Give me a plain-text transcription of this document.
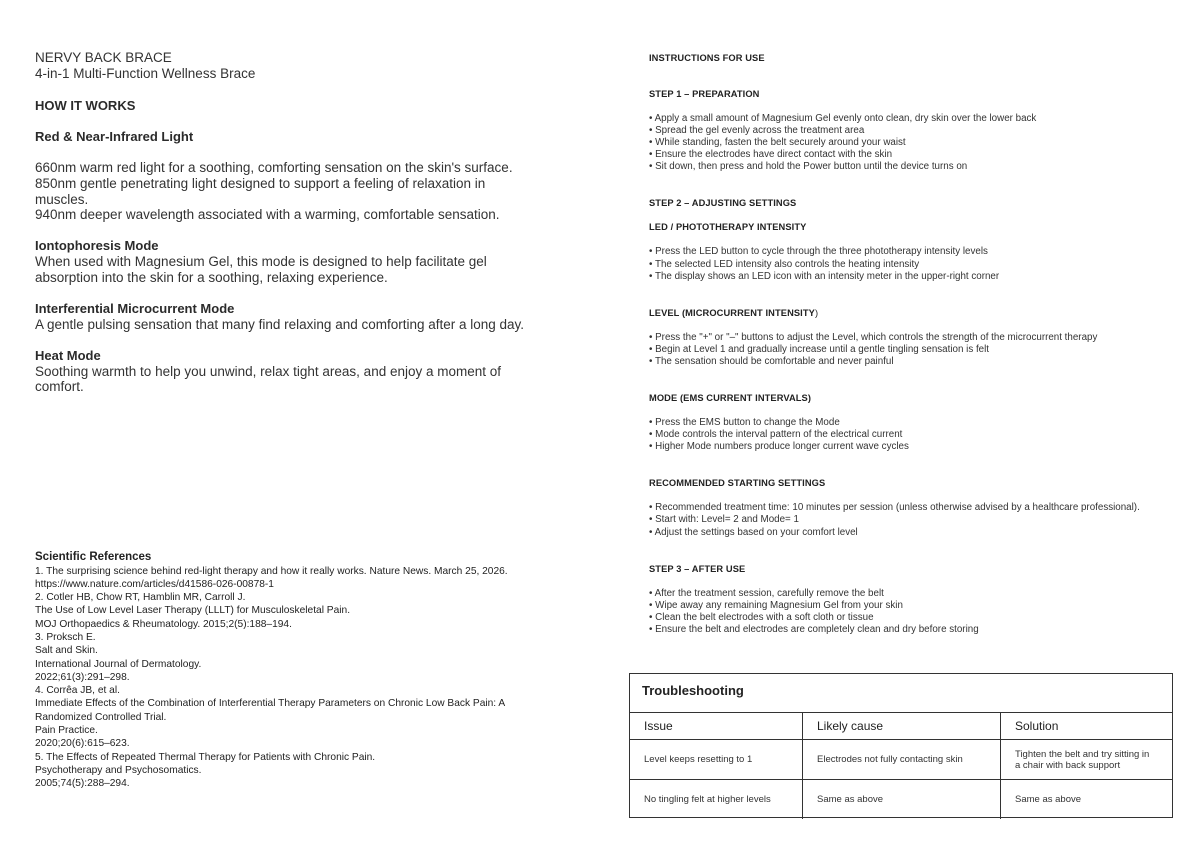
NERVY BACK BRACE
4-in-1 Multi-Function Wellness Brace
HOW IT WORKS
Red & Near-Infrared Light
660nm warm red light for a soothing, comforting sensation on the skin's surface.
850nm gentle penetrating light designed to support a feeling of relaxation in muscles.
940nm deeper wavelength associated with a warming, comfortable sensation.
Iontophoresis Mode
When used with Magnesium Gel, this mode is designed to help facilitate gel absorption into the skin for a soothing, relaxing experience.
Interferential Microcurrent Mode
A gentle pulsing sensation that many find relaxing and comforting after a long day.
Heat Mode
Soothing warmth to help you unwind, relax tight areas, and enjoy a moment of comfort.
Scientific References
1. The surprising science behind red-light therapy and how it really works. Nature News. March 25, 2026.
https://www.nature.com/articles/d41586-026-00878-1
2. Cotler HB, Chow RT, Hamblin MR, Carroll J.
The Use of Low Level Laser Therapy (LLLT) for Musculoskeletal Pain.
MOJ Orthopaedics & Rheumatology. 2015;2(5):188–194.
3. Proksch E.
Salt and Skin.
International Journal of Dermatology.
2022;61(3):291–298.
4. Corrêa JB, et al.
Immediate Effects of the Combination of Interferential Therapy Parameters on Chronic Low Back Pain: A Randomized Controlled Trial.
Pain Practice.
2020;20(6):615–623.
5. The Effects of Repeated Thermal Therapy for Patients with Chronic Pain.
Psychotherapy and Psychosomatics.
2005;74(5):288–294.
INSTRUCTIONS FOR USE
STEP 1 – PREPARATION
• Apply a small amount of Magnesium Gel evenly onto clean, dry skin over the lower back
• Spread the gel evenly across the treatment area
• While standing, fasten the belt securely around your waist
• Ensure the electrodes have direct contact with the skin
• Sit down, then press and hold the Power button until the device turns on
STEP 2 – ADJUSTING SETTINGS
LED / PHOTOTHERAPY INTENSITY
• Press the LED button to cycle through the three phototherapy intensity levels
• The selected LED intensity also controls the heating intensity
• The display shows an LED icon with an intensity meter in the upper-right corner
LEVEL (MICROCURRENT INTENSITY)
• Press the "+" or "–" buttons to adjust the Level, which controls the strength of the microcurrent therapy
• Begin at Level 1 and gradually increase until a gentle tingling sensation is felt
• The sensation should be comfortable and never painful
MODE (EMS CURRENT INTERVALS)
• Press the EMS button to change the Mode
• Mode controls the interval pattern of the electrical current
• Higher Mode numbers produce longer current wave cycles
RECOMMENDED STARTING SETTINGS
• Recommended treatment time: 10 minutes per session (unless otherwise advised by a healthcare professional).
• Start with: Level= 2 and Mode= 1
• Adjust the settings based on your comfort level
STEP 3 – AFTER USE
• After the treatment session, carefully remove the belt
• Wipe away any remaining Magnesium Gel from your skin
• Clean the belt electrodes with a soft cloth or tissue
• Ensure the belt and electrodes are completely clean and dry before storing
Troubleshooting
Issue	Likely cause	Solution
Level keeps resetting to 1	Electrodes not fully contacting skin	Tighten the belt and try sitting in a chair with back support
No tingling felt at higher levels	Same as above	Same as above
